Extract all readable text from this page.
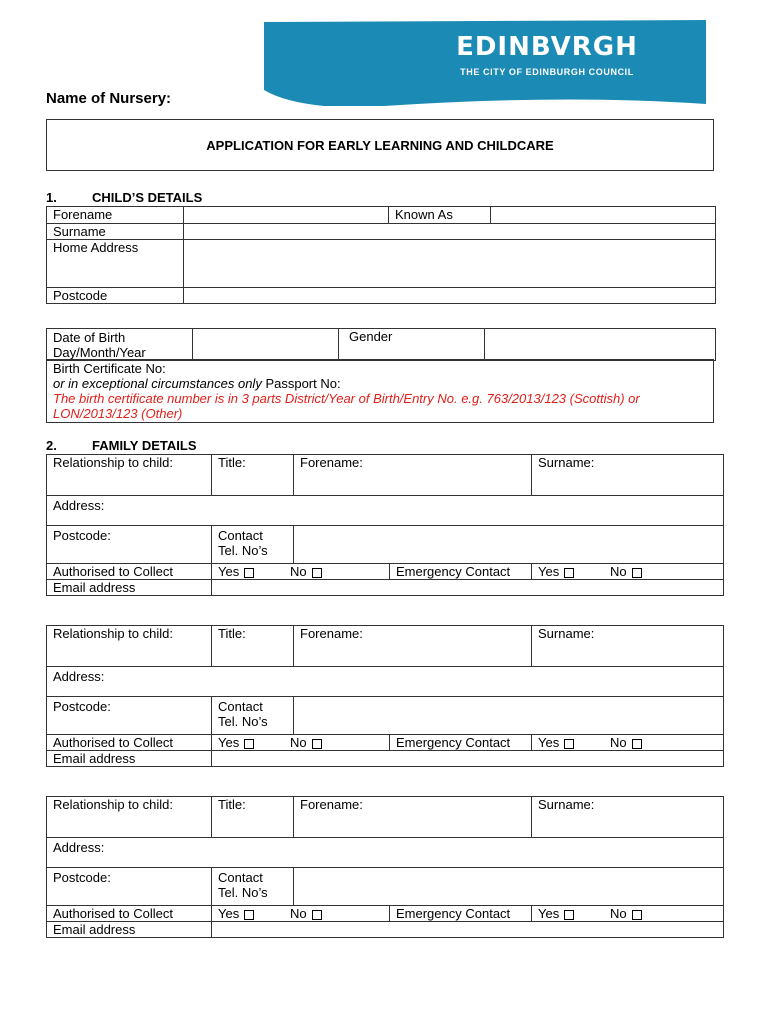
EDINBVRGH
THE CITY OF EDINBURGH COUNCIL
Name of Nursery:
APPLICATION FOR EARLY LEARNING AND CHILDCARE
1.	CHILD’S DETAILS
Forename		Known As	
Surname			
Home Address			
Postcode			
Date of Birth
Day/Month/Year
		Gender	
Birth Certificate No:
or in exceptional circumstances only Passport No:
The birth certificate number is in 3 parts District/Year of Birth/Entry No. e.g. 763/2013/123 (Scottish) or LON/2013/123 (Other)
2.	FAMILY DETAILS
Relationship to child:	Title:	Forename:		Surname:
Address:				
Postcode:	Contact
Tel. No’s			

Authorised to Collect	Yes No		Emergency Contact	Yes No
Email address				
Relationship to child:	Title:	Forename:		Surname:
Address:				
Postcode:	Contact
Tel. No’s			

Authorised to Collect	Yes No		Emergency Contact	Yes No
Email address				
Relationship to child:	Title:	Forename:		Surname:
Address:				
Postcode:	Contact
Tel. No’s			

Authorised to Collect	Yes No		Emergency Contact	Yes No
Email address				
